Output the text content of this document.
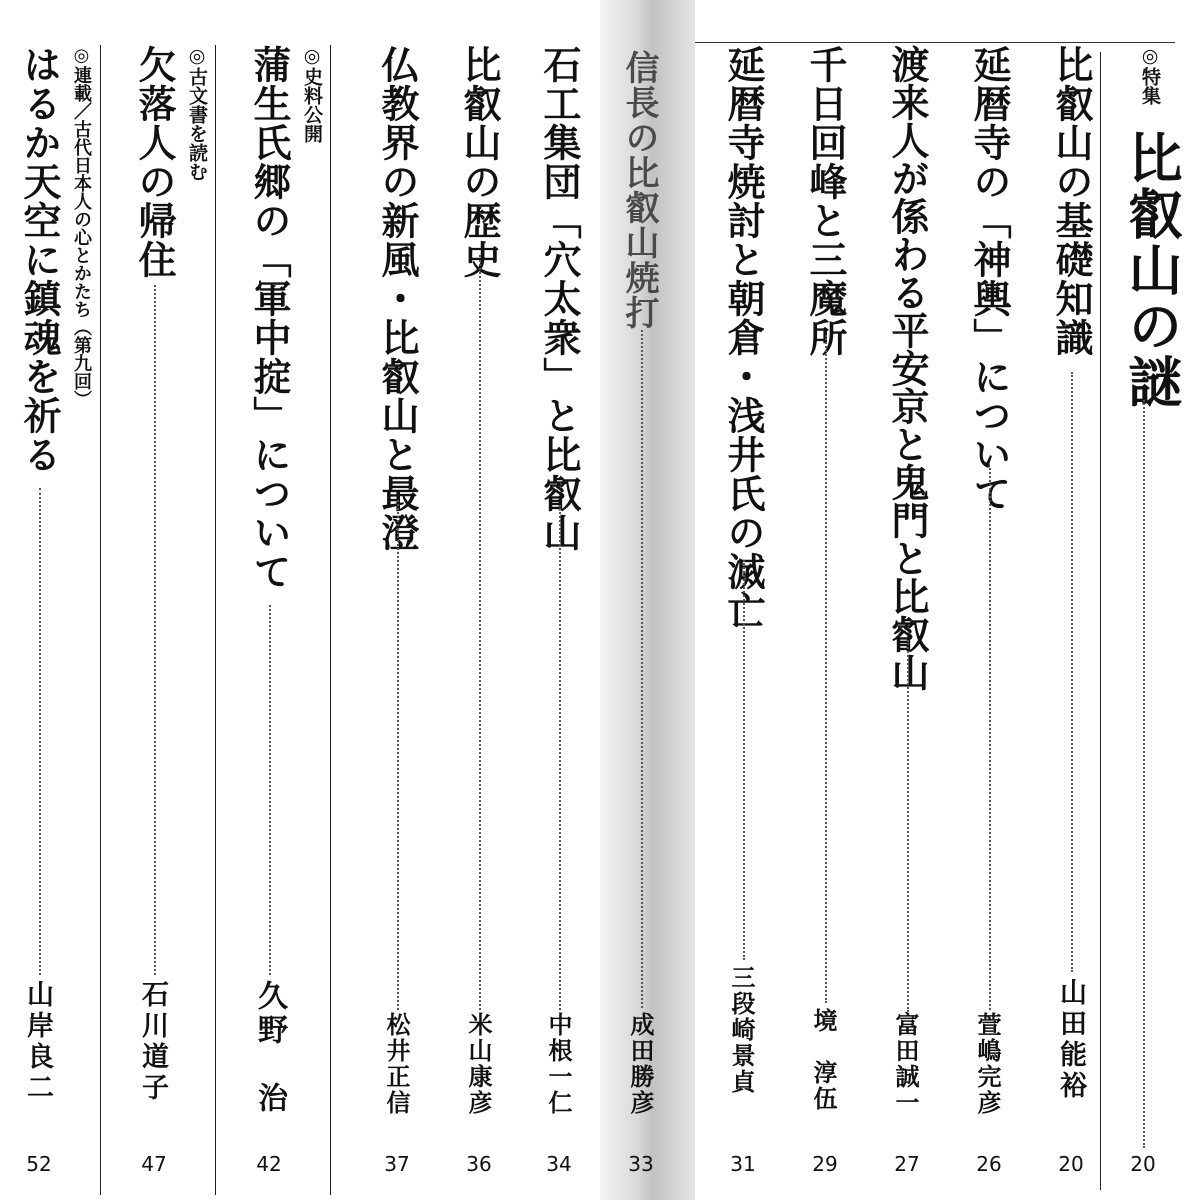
◎特集
比叡山の謎
20
比叡山の基礎知識
山田能裕
20
延暦寺の「神輿」について
萱嶋完彦
26
渡来人が係わる平安京と鬼門と比叡山
富田誠一
27
千日回峰と三魔所
境　淳伍
29
延暦寺焼討と朝倉・浅井氏の滅亡
三段崎景貞
31
信長の比叡山焼打
成田勝彦
33
石工集団「穴太衆」と比叡山
中根一仁
34
比叡山の歴史
米山康彦
36
仏教界の新風・比叡山と最澄
松井正信
37
◎史料公開
蒲生氏郷の「軍中掟」について
久野　治
42
◎古文書を読む
欠落人の帰住
石川道子
47
◎連載／古代日本人の心とかたち（第九回）
はるか天空に鎮魂を祈る
山岸良二
52
